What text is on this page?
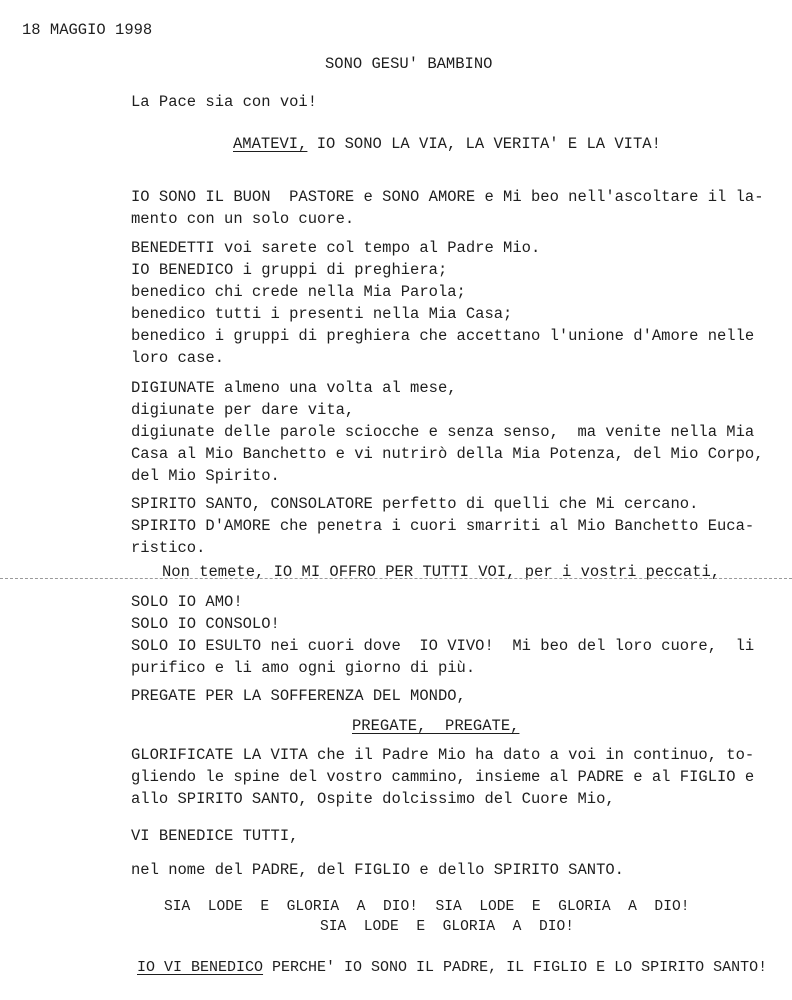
18 MAGGIO 1998
SONO GESU' BAMBINO
La Pace sia con voi!
AMATEVI, IO SONO LA VIA, LA VERITA' E LA VITA!
IO SONO IL BUON  PASTORE e SONO AMORE e Mi beo nell'ascoltare il la-
mento con un solo cuore.
BENEDETTI voi sarete col tempo al Padre Mio.
IO BENEDICO i gruppi di preghiera;
benedico chi crede nella Mia Parola;
benedico tutti i presenti nella Mia Casa;
benedico i gruppi di preghiera che accettano l'unione d'Amore nelle
loro case.
DIGIUNATE almeno una volta al mese,
digiunate per dare vita,
digiunate delle parole sciocche e senza senso,  ma venite nella Mia
Casa al Mio Banchetto e vi nutrirò della Mia Potenza, del Mio Corpo,
del Mio Spirito.
SPIRITO SANTO, CONSOLATORE perfetto di quelli che Mi cercano.
SPIRITO D'AMORE che penetra i cuori smarriti al Mio Banchetto Euca-
ristico.
Non temete, IO MI OFFRO PER TUTTI VOI, per i vostri peccati,
SOLO IO AMO!
SOLO IO CONSOLO!
SOLO IO ESULTO nei cuori dove  IO VIVO!  Mi beo del loro cuore,  li
purifico e li amo ogni giorno di più.
PREGATE PER LA SOFFERENZA DEL MONDO,
PREGATE,  PREGATE,
GLORIFICATE LA VITA che il Padre Mio ha dato a voi in continuo, to-
gliendo le spine del vostro cammino, insieme al PADRE e al FIGLIO e
allo SPIRITO SANTO, Ospite dolcissimo del Cuore Mio,
VI BENEDICE TUTTI,
nel nome del PADRE, del FIGLIO e dello SPIRITO SANTO.
SIA  LODE  E  GLORIA  A  DIO!  SIA  LODE  E  GLORIA  A  DIO!
SIA  LODE  E  GLORIA  A  DIO!
IO VI BENEDICO PERCHE' IO SONO IL PADRE, IL FIGLIO E LO SPIRITO SANTO!
